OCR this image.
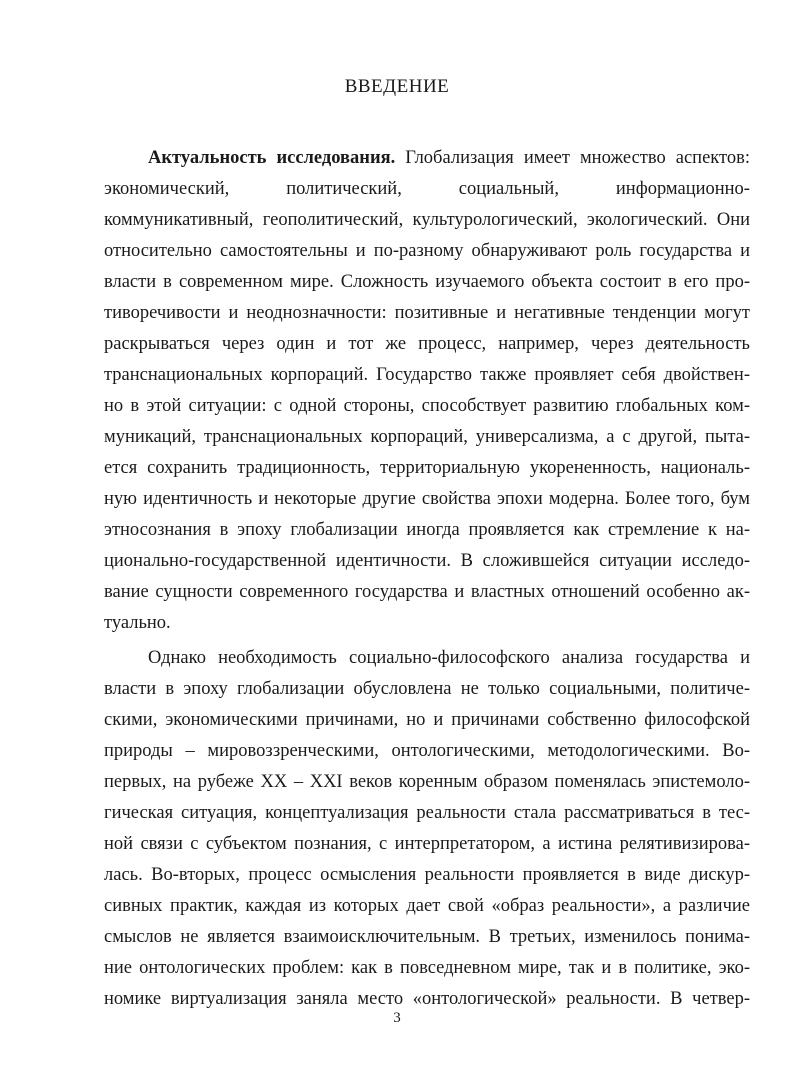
ВВЕДЕНИЕ
Актуальность исследования. Глобализация имеет множество аспектов:
экономический,	политический,	социальный,	информационно-
коммуникативный, геополитический, культурологический, экологический. Они
относительно самостоятельны и по-разному обнаруживают роль государства и
власти в современном мире. Сложность изучаемого объекта состоит в его про-
тиворечивости и неоднозначности: позитивные и негативные тенденции могут
раскрываться через один и тот же процесс, например, через деятельность
транснациональных корпораций. Государство также проявляет себя двойствен-
но в этой ситуации: с одной стороны, способствует развитию глобальных ком-
муникаций, транснациональных корпораций, универсализма, а с другой, пыта-
ется сохранить традиционность, территориальную укорененность, националь-
ную идентичность и некоторые другие свойства эпохи модерна. Более того, бум
этносознания в эпоху глобализации иногда проявляется как стремление к на-
ционально-государственной идентичности. В сложившейся ситуации исследо-
вание сущности современного государства и властных отношений особенно ак-
туально.
Однако необходимость социально-философского анализа государства и
власти в эпоху глобализации обусловлена не только социальными, политиче-
скими, экономическими причинами, но и причинами собственно философской
природы – мировоззренческими, онтологическими, методологическими. Во-
первых, на рубеже XX – XXI веков коренным образом поменялась эпистемоло-
гическая ситуация, концептуализация реальности стала рассматриваться в тес-
ной связи с субъектом познания, с интерпретатором, а истина релятивизирова-
лась. Во-вторых, процесс осмысления реальности проявляется в виде дискур-
сивных практик, каждая из которых дает свой «образ реальности», а различие
смыслов не является взаимоисключительным. В третьих, изменилось понима-
ние онтологических проблем: как в повседневном мире, так и в политике, эко-
номике виртуализация заняла место «онтологической» реальности. В четвер-
3
